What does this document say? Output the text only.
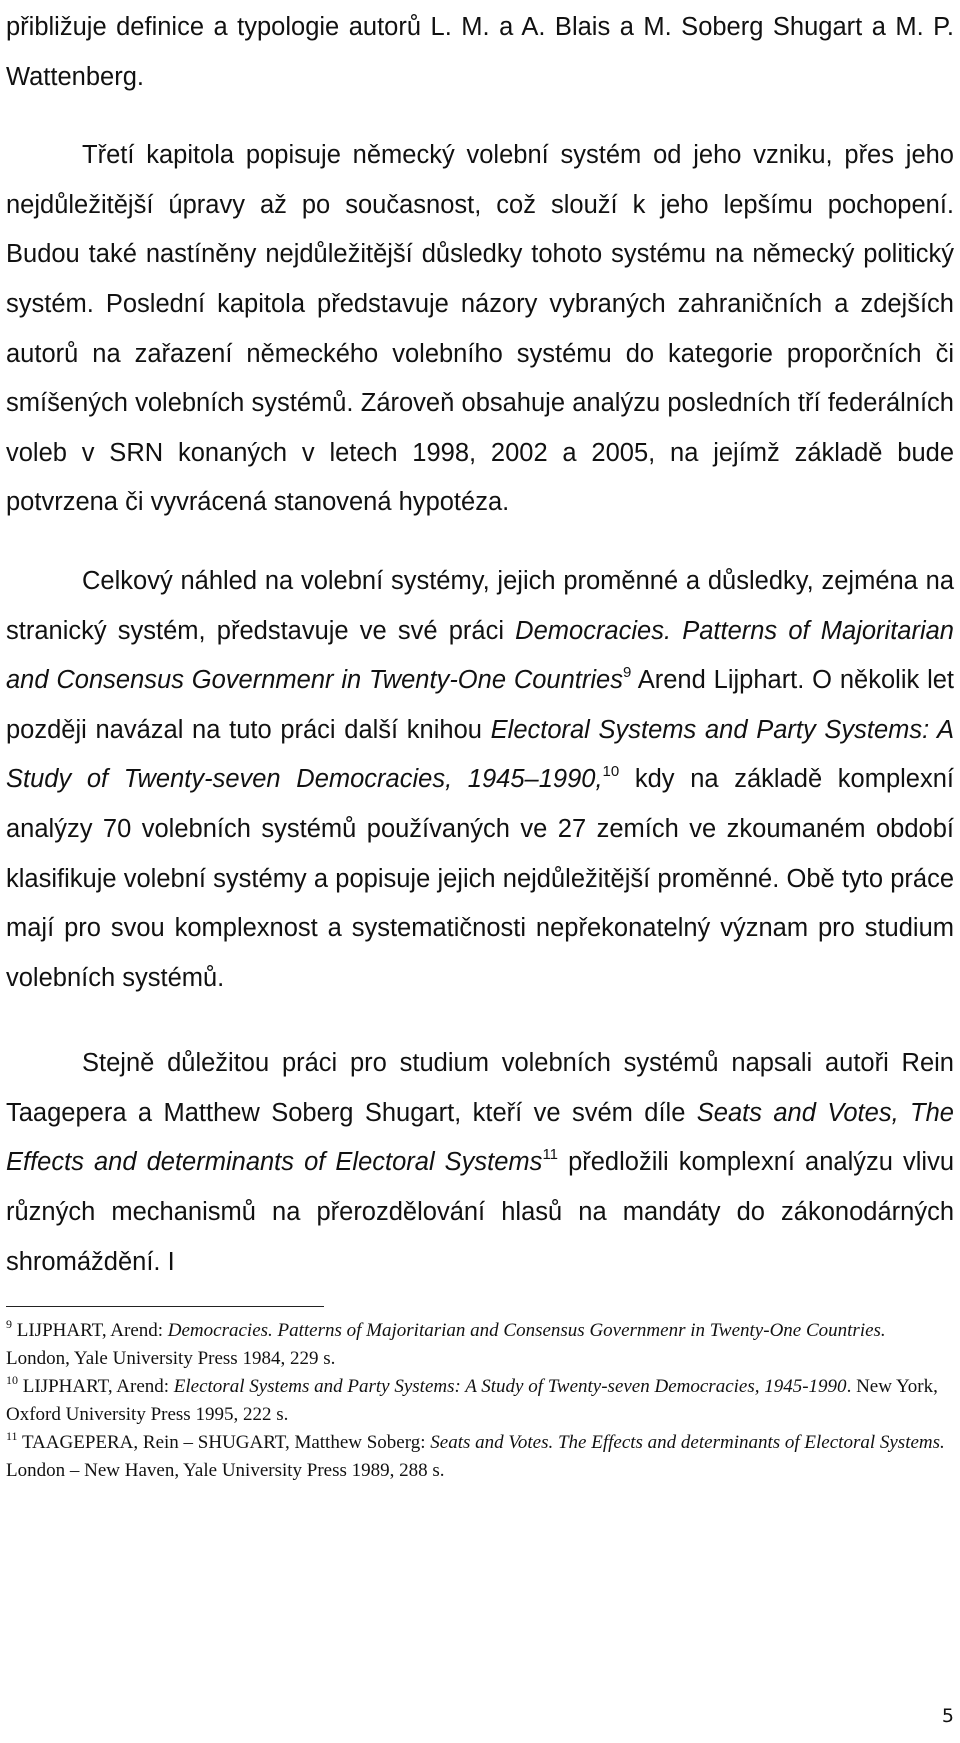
přibližuje definice a typologie autorů L. M. a A. Blais a M. Soberg Shugart a M. P. Wattenberg.

Třetí kapitola popisuje německý volební systém od jeho vzniku, přes jeho nejdůležitější úpravy až po současnost, což slouží k jeho lepšímu pochopení. Budou také nastíněny nejdůležitější důsledky tohoto systému na německý politický systém. Poslední kapitola představuje názory vybraných zahraničních a zdejších autorů na zařazení německého volebního systému do kategorie proporčních či smíšených volebních systémů. Zároveň obsahuje analýzu posledních tří federálních voleb v SRN konaných v letech 1998, 2002 a 2005, na jejímž základě bude potvrzena či vyvrácená stanovená hypotéza.

Celkový náhled na volební systémy, jejich proměnné a důsledky, zejména na stranický systém, představuje ve své práci Democracies. Patterns of Majoritarian and Consensus Governmenr in Twenty-One Countries$^9$ Arend Lijphart. O několik let později navázal na tuto práci další knihou Electoral Systems and Party Systems: A Study of Twenty-seven Democracies, 1945–1990,10 kdy na základě komplexní analýzy 70 volebních systémů používaných ve 27 zemích ve zkoumaném období klasifikuje volební systémy a popisuje jejich nejdůležitější proměnné. Obě tyto práce mají pro svou komplexnost a systematičnosti nepřekonatelný význam pro studium volebních systémů.

Stejně důležitou práci pro studium volebních systémů napsali autoři Rein Taagepera a Matthew Soberg Shugart, kteří ve svém díle Seats and Votes, The Effects and determinants of Electoral Systems$^{11}$ předložili komplexní analýzu vlivu různých mechanismů na přerozdělování hlasů na mandáty do zákonodárných shromáždění. I

$^9$ LIJPHART, Arend: Democracies. Patterns of Majoritarian and Consensus Governmenr in Twenty-One Countries. London, Yale University Press 1984, 229 s.

$^{10}$ LIJPHART, Arend: Electoral Systems and Party Systems: A Study of Twenty-seven Democracies, 1945-1990. New York, Oxford University Press 1995, 222 s.

$^{11}$ TAAGEPERA, Rein – SHUGART, Matthew Soberg: Seats and Votes. The Effects and determinants of Electoral Systems. London – New Haven, Yale University Press 1989, 288 s.

5
